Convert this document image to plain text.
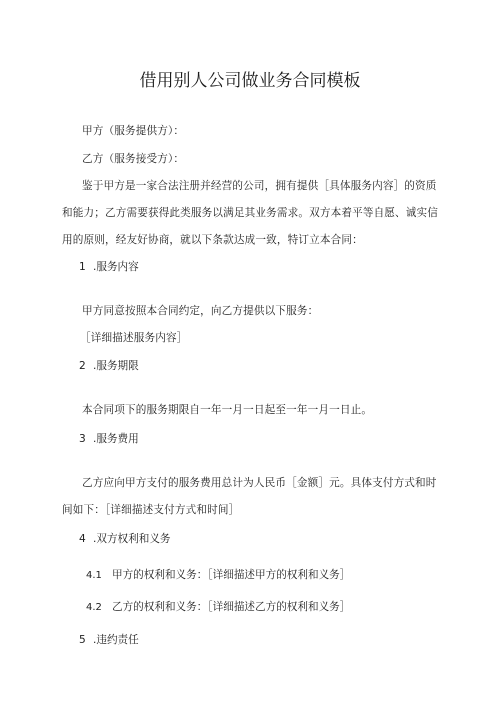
借用别人公司做业务合同模板
甲方（服务提供方）：
乙方（服务接受方）：
鉴于甲方是一家合法注册并经营的公司，拥有提供［具体服务内容］的资质
和能力；乙方需要获得此类服务以满足其业务需求。双方本着平等自愿、诚实信
用的原则，经友好协商，就以下条款达成一致，特订立本合同：
1 .服务内容
甲方同意按照本合同约定，向乙方提供以下服务：
［详细描述服务内容］
2 .服务期限
本合同项下的服务期限自一年一月一日起至一年一月一日止。
3 .服务费用
乙方应向甲方支付的服务费用总计为人民币［金额］元。具体支付方式和时
间如下：［详细描述支付方式和时间］
4 .双方权利和义务
4.1 甲方的权利和义务：［详细描述甲方的权利和义务］
4.2 乙方的权利和义务：［详细描述乙方的权利和义务］
5 .违约责任
